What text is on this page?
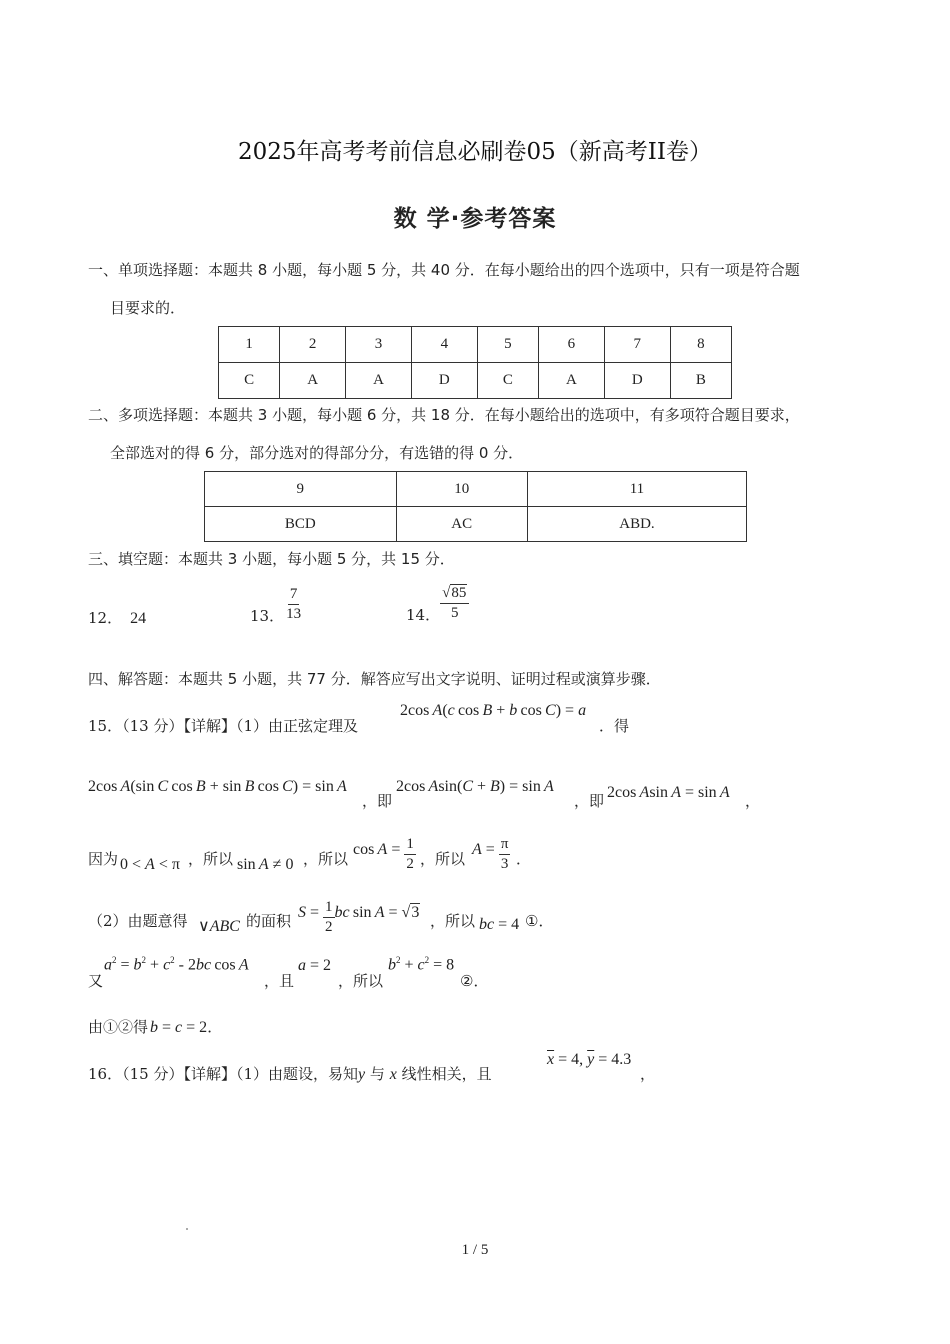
2025年高考考前信息必刷卷05（新高考II卷）
数 学·参考答案
一、单项选择题：本题共 8 小题，每小题 5 分，共 40 分．在每小题给出的四个选项中，只有一项是符合题
目要求的．
1	2	3	4	5	6	7	8
C	A	A	D	C	A	D	B
二、多项选择题：本题共 3 小题，每小题 6 分，共 18 分．在每小题给出的选项中，有多项符合题目要求，
全部选对的得 6 分，部分选对的得部分分，有选错的得 0 分．
9	10	11
BCD	AC	ABD.
三、填空题：本题共 3 小题，每小题 5 分，共 15 分．
12． 24	13． $\frac{7}{13}$	14． $\frac{√85}{5}$
四、解答题：本题共 5 小题，共 77 分．解答应写出文字说明、证明过程或演算步骤．
15．（13 分）【详解】（1）由正弦定理及
2cos A(c cos B + b cos C) = a
．得
2cos A(sin C cos B + sin B cos C) = sin A
，即
2cos Asin(C + B) = sin A
，即 2cos Asin A = sin A ，
因为 0 < A < π ，所以 sin A ≠ 0 ，所以
$\cos A = \frac{1}{2}$ ，所以
$A = \frac{\pi}{3}$ ．
（2）由题意得 ∨ABC 的面积 $S = \frac{1}{2}$ bc sin A = √3 ，所以 bc = 4 ①．
又
$a^2 = b^2 + c^2 - 2bc$ cos A
，且
a = 2
，所以
$b^2 + c^2 = 8$
②．
由①②得 b = c = 2．
16．（15 分）【详解】（1）由题设，易知y 与 x 线性相关，且
$\overline{x} = 4$, $\overline{y} = 4.3$
，
1 / 5
